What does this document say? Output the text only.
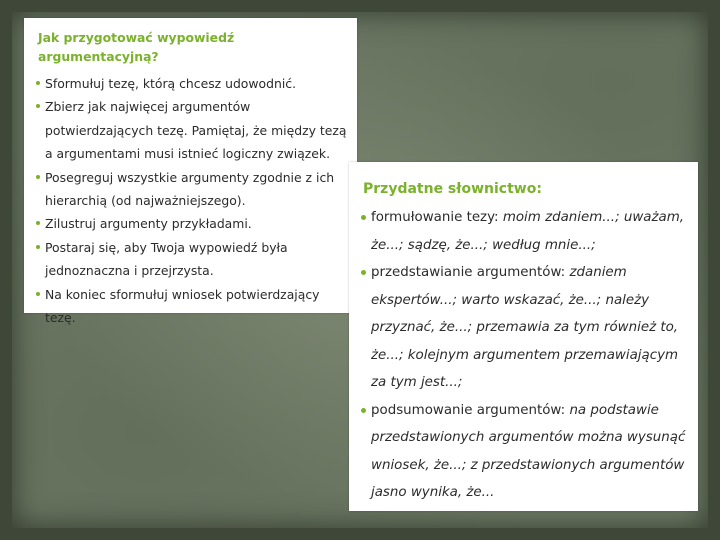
Jak przygotować wypowiedź argumentacyjną?
Sformułuj tezę, którą chcesz udowodnić.
Zbierz jak najwięcej argumentów potwierdzających tezę. Pamiętaj, że między tezą a argumentami musi istnieć logiczny związek.
Posegreguj wszystkie argumenty zgodnie z ich hierarchią (od najważniejszego).
Zilustruj argumenty przykładami.
Postaraj się, aby Twoja wypowiedź była jednoznaczna i przejrzysta.
Na koniec sformułuj wniosek potwierdzający tezę.
Przydatne słownictwo:
formułowanie tezy: moim zdaniem...; uważam, że...; sądzę, że...; według mnie...;
przedstawianie argumentów: zdaniem ekspertów...; warto wskazać, że...; należy przyznać, że...; przemawia za tym również to, że...; kolejnym argumentem przemawiającym za tym jest...;
podsumowanie argumentów: na podstawie przedstawionych argumentów można wysunąć wniosek, że...; z przedstawionych argumentów jasno wynika, że...
